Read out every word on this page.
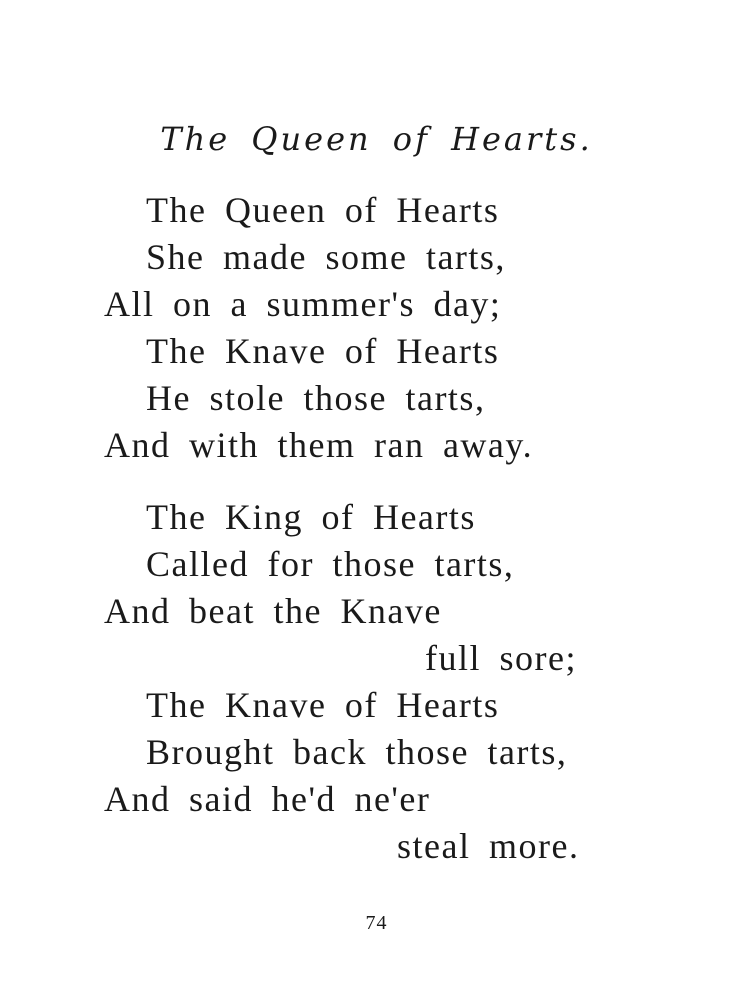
The Queen of Hearts.
The Queen of Hearts
She made some tarts,
All on a summer's day;
The Knave of Hearts
He stole those tarts,
And with them ran away.
The King of Hearts
Called for those tarts,
And beat the Knave
full sore;
The Knave of Hearts
Brought back those tarts,
And said he'd ne'er
steal more.
74
